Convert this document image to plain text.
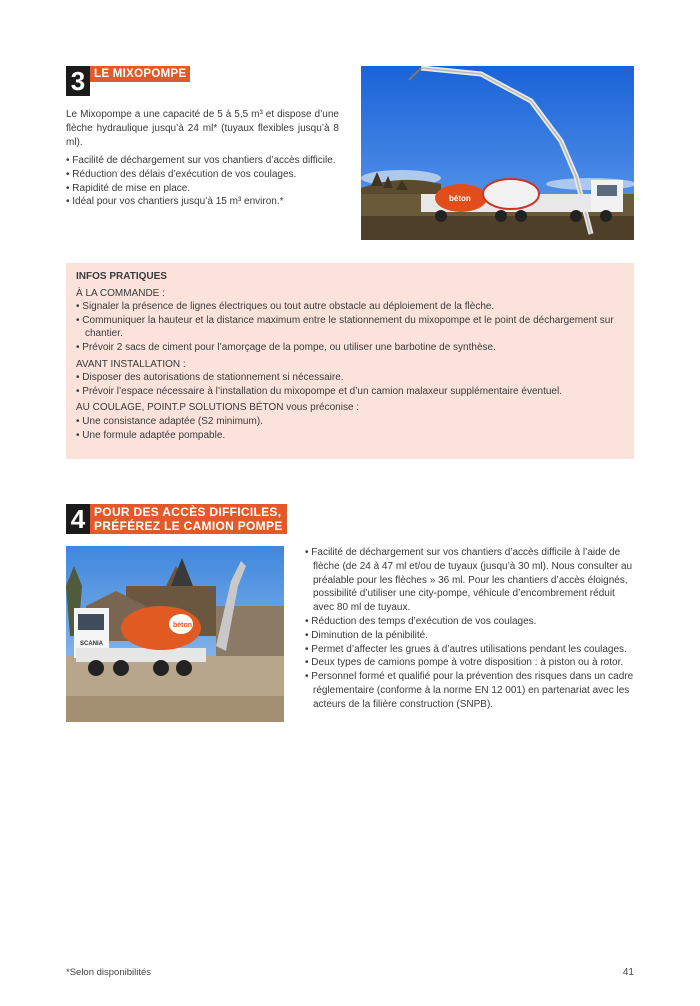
3 LE MIXOPOMPE
Le Mixopompe a une capacité de 5 à 5,5 m³ et dispose d’une flèche hydraulique jusqu’à 24 ml* (tuyaux flexibles jusqu’à 8 ml).
• Facilité de déchargement sur vos chantiers d’accès difficile.
• Réduction des délais d’exécution de vos coulages.
• Rapidité de mise en place.
• Idéal pour vos chantiers jusqu’à 15 m³ environ.*	béton
INFOS PRATIQUES
À LA COMMANDE :
• Signaler la présence de lignes électriques ou tout autre obstacle au déploiement de la flèche.
• Communiquer la hauteur et la distance maximum entre le stationnement du mixopompe et le point de déchargement sur chantier.
• Prévoir 2 sacs de ciment pour l’amorçage de la pompe, ou utiliser une barbotine de synthèse.
AVANT INSTALLATION :
• Disposer des autorisations de stationnement si nécessaire.
• Prévoir l’espace nécessaire à l’installation du mixopompe et d’un camion malaxeur supplémentaire éventuel.
AU COULAGE, POINT.P SOLUTIONS BÉTON vous préconise :
• Une consistance adaptée (S2 minimum).
• Une formule adaptée pompable.
4 POUR DES ACCÈS DIFFICILES,
PRÉFÉREZ LE CAMION POMPE
SCANIA
béton
• Facilité de déchargement sur vos chantiers d’accès difficile à l’aide de flèche (de 24 à 47 ml et/ou de tuyaux (jusqu’à 30 ml). Nous consulter au préalable pour les flèches » 36 ml. Pour les chantiers d’accès éloignés, possibilité d’utiliser une city-pompe, véhicule d’encombrement réduit avec 80 ml de tuyaux.
• Réduction des temps d’exécution de vos coulages.
• Diminution de la pénibilité.
• Permet d’affecter les grues à d’autres utilisations pendant les coulages.
• Deux types de camions pompe à votre disposition : à piston ou à rotor.
• Personnel formé et qualifié pour la prévention des risques dans un cadre réglementaire (conforme à la norme EN 12 001) en partenariat avec les acteurs de la filière construction (SNPB).
*Selon disponibilités	41
